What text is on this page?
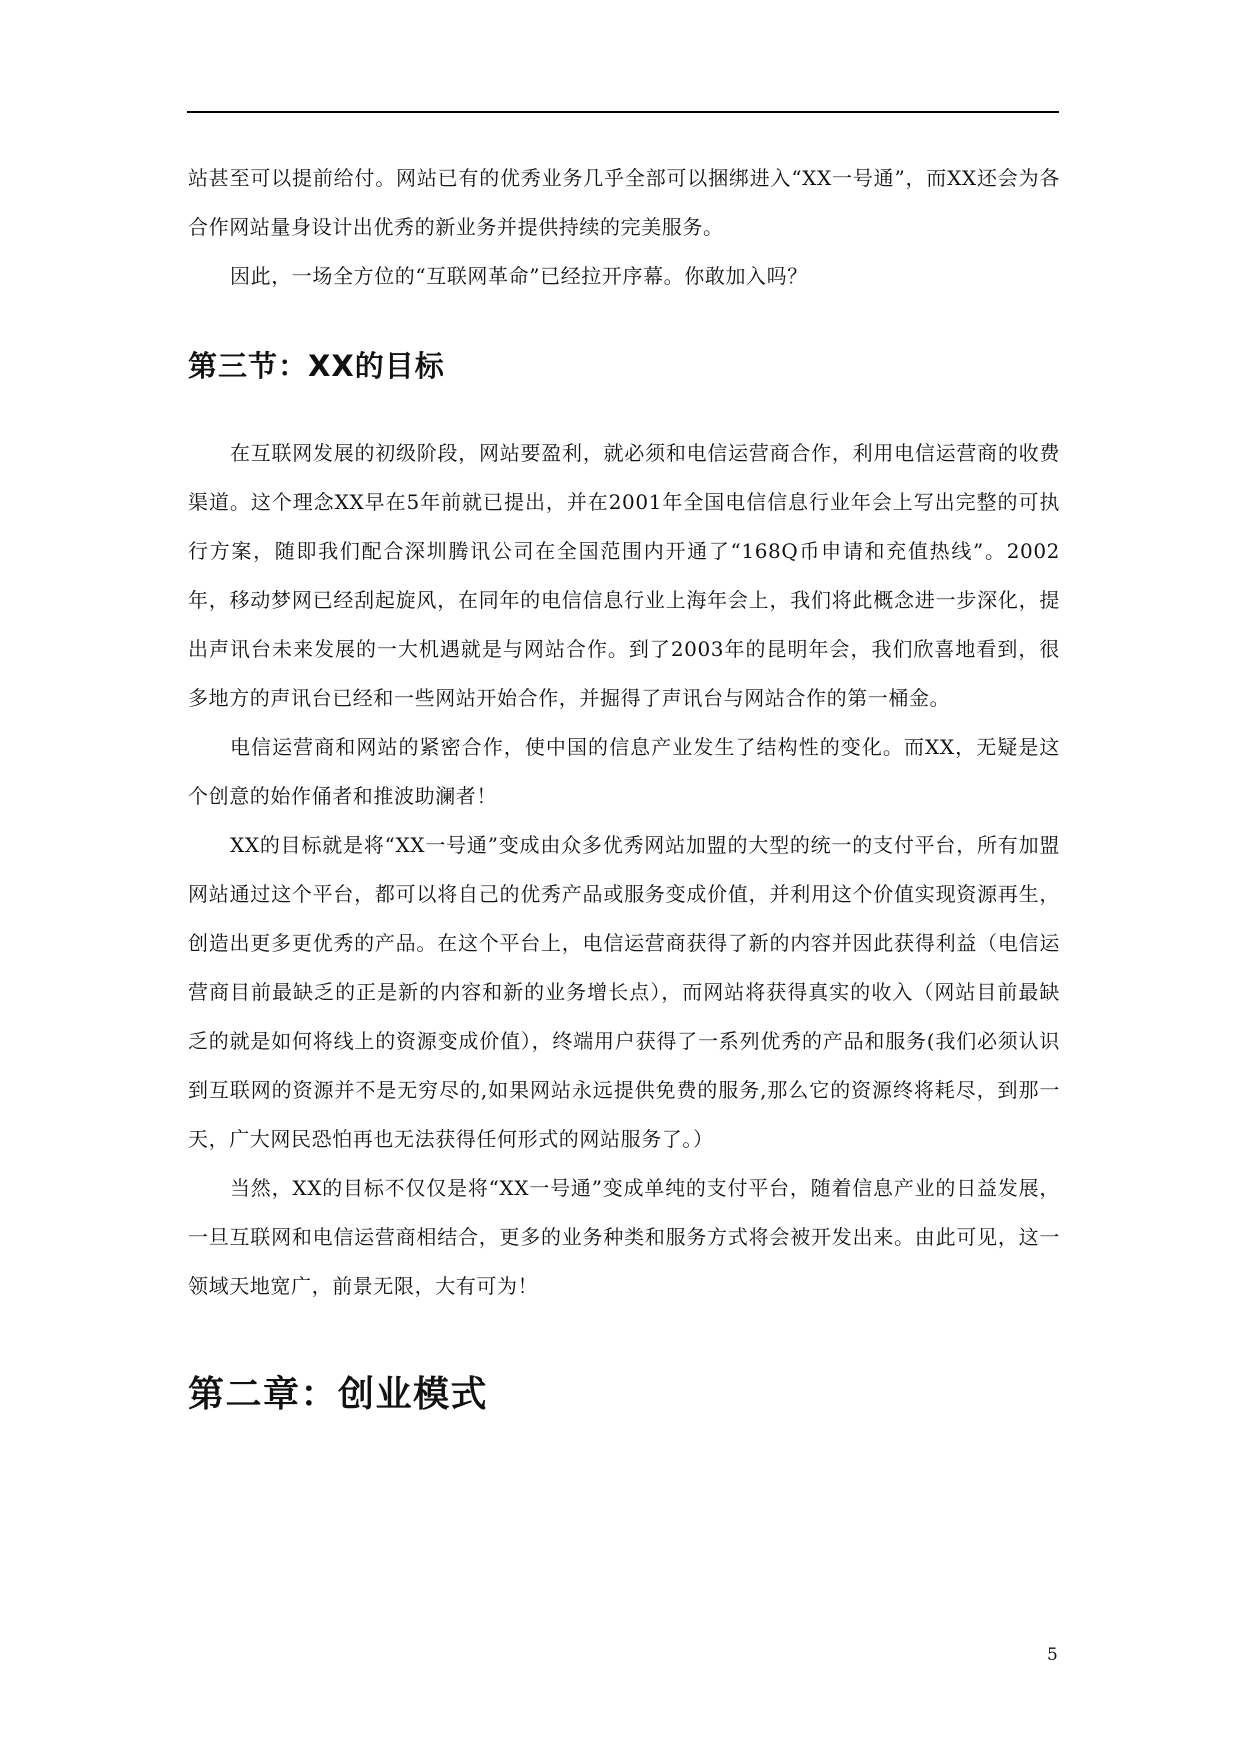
站甚至可以提前给付。网站已有的优秀业务几乎全部可以捆绑进入“XX一号通”，而XX还会为各合作网站量身设计出优秀的新业务并提供持续的完美服务。

因此，一场全方位的“互联网革命”已经拉开序幕。你敢加入吗？

第三节：XX的目标

在互联网发展的初级阶段，网站要盈利，就必须和电信运营商合作，利用电信运营商的收费渠道。这个理念XX早在5年前就已提出，并在2001年全国电信信息行业年会上写出完整的可执行方案，随即我们配合深圳腾讯公司在全国范围内开通了“168Q币申请和充值热线”。2002年，移动梦网已经刮起旋风，在同年的电信信息行业上海年会上，我们将此概念进一步深化，提出声讯台未来发展的一大机遇就是与网站合作。到了2003年的昆明年会，我们欣喜地看到，很多地方的声讯台已经和一些网站开始合作，并掘得了声讯台与网站合作的第一桶金。

电信运营商和网站的紧密合作，使中国的信息产业发生了结构性的变化。而XX，无疑是这个创意的始作俑者和推波助澜者！

XX的目标就是将“XX一号通”变成由众多优秀网站加盟的大型的统一的支付平台，所有加盟网站通过这个平台，都可以将自己的优秀产品或服务变成价值，并利用这个价值实现资源再生，创造出更多更优秀的产品。在这个平台上，电信运营商获得了新的内容并因此获得利益（电信运营商目前最缺乏的正是新的内容和新的业务增长点），而网站将获得真实的收入（网站目前最缺乏的就是如何将线上的资源变成价值），终端用户获得了一系列优秀的产品和服务(我们必须认识到互联网的资源并不是无穷尽的,如果网站永远提供免费的服务,那么它的资源终将耗尽，到那一天，广大网民恐怕再也无法获得任何形式的网站服务了。）

当然，XX的目标不仅仅是将“XX一号通”变成单纯的支付平台，随着信息产业的日益发展，一旦互联网和电信运营商相结合，更多的业务种类和服务方式将会被开发出来。由此可见，这一领域天地宽广，前景无限，大有可为！

第二章：创业模式
5
